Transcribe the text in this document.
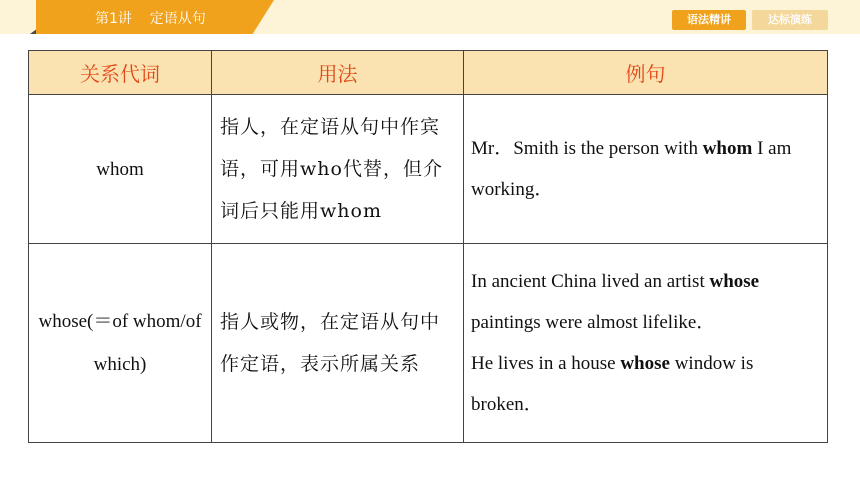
第1讲    定语从句	语法精讲	达标演练
关系代词	用法	例句
whom	指人，在定语从句中作宾语，可用who代替，但介词后只能用whom	Mr．Smith is the person with whom I am working．

whose(＝of whom/of which)	指人或物，在定语从句中作定语，表示所属关系	In ancient China lived an artist whose paintings were almost lifelike．
He lives in a house whose window is broken．
